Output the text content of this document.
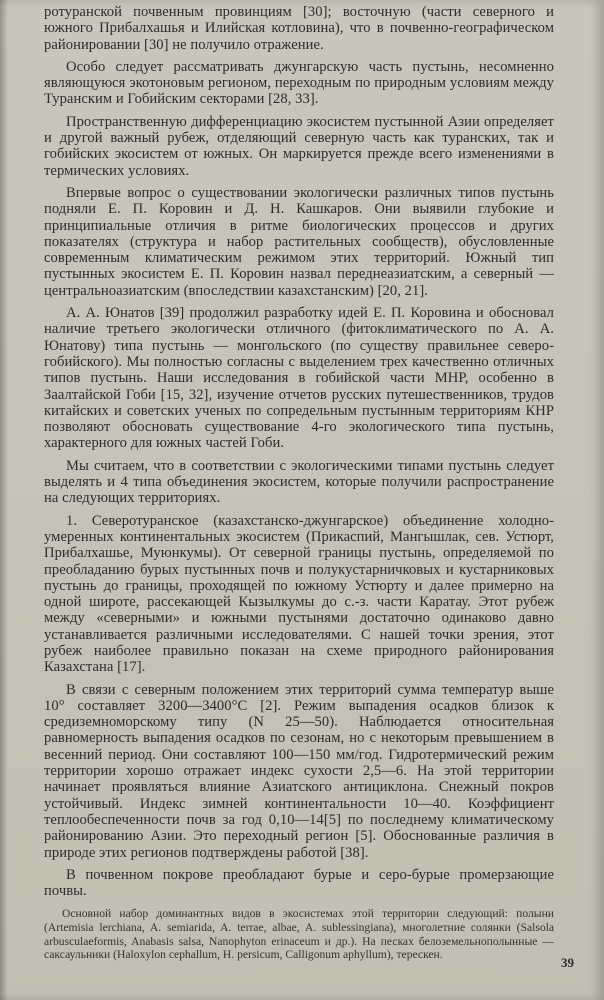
ротуранской почвенным провинциям [30]; восточную (части северного и южного Прибалхашья и Илийская котловина), что в почвенно-географическом районировании [30] не получило отражение.

Особо следует рассматривать джунгарскую часть пустынь, несомненно являющуюся экотоновым регионом, переходным по природным условиям между Туранским и Гобийским секторами [28, 33].

Пространственную дифференциацию экосистем пустынной Азии определяет и другой важный рубеж, отделяющий северную часть как туранских, так и гобийских экосистем от южных. Он маркируется прежде всего изменениями в термических условиях.

Впервые вопрос о существовании экологически различных типов пустынь подняли Е. П. Коровин и Д. Н. Кашкаров. Они выявили глубокие и принципиальные отличия в ритме биологических процессов и других показателях (структура и набор растительных сообществ), обусловленные современным климатическим режимом этих территорий. Южный тип пустынных экосистем Е. П. Коровин назвал переднеазиатским, а северный — центральноазиатским (впоследствии казахстанским) [20, 21].

А. А. Юнатов [39] продолжил разработку идей Е. П. Коровина и обосновал наличие третьего экологически отличного (фитоклиматического по А. А. Юнатову) типа пустынь — монгольского (по существу правильнее северо-гобийского). Мы полностью согласны с выделением трех качественно отличных типов пустынь. Наши исследования в гобийской части МНР, особенно в Заалтайской Гоби [15, 32], изучение отчетов русских путешественников, трудов китайских и советских ученых по сопредельным пустынным территориям КНР позволяют обосновать существование 4-го экологического типа пустынь, характерного для южных частей Гоби.

Мы считаем, что в соответствии с экологическими типами пустынь следует выделять и 4 типа объединения экосистем, которые получили распространение на следующих территориях.

1. Северотуранское (казахстанско-джунгарское) объединение холодно-умеренных континентальных экосистем (Прикаспий, Мангышлак, сев. Устюрт, Прибалхашье, Муюнкумы). От северной границы пустынь, определяемой по преобладанию бурых пустынных почв и полукустарничковых и кустарниковых пустынь до границы, проходящей по южному Устюрту и далее примерно на одной широте, рассекающей Кызылкумы до с.-з. части Каратау. Этот рубеж между «северными» и южными пустынями достаточно одинаково давно устанавливается различными исследователями. С нашей точки зрения, этот рубеж наиболее правильно показан на схеме природного районирования Казахстана [17].

В связи с северным положением этих территорий сумма температур выше 10° составляет 3200—3400°С [2]. Режим выпадения осадков близок к средиземноморскому типу (N 25—50). Наблюдается относительная равномерность выпадения осадков по сезонам, но с некоторым превышением в весенний период. Они составляют 100—150 мм/год. Гидротермический режим территории хорошо отражает индекс сухости 2,5—6. На этой территории начинает проявляться влияние Азиатского антициклона. Снежный покров устойчивый. Индекс зимней континентальности 10—40. Коэффициент теплообеспеченности почв за год 0,10—14[5] по последнему климатическому районированию Азии. Это переходный регион [5]. Обоснованные различия в природе этих регионов подтверждены работой [38].

В почвенном покрове преобладают бурые и серо-бурые промерзающие почвы.

Основной набор доминантных видов в экосистемах этой территории следующий: полыни (Artemisia lerchiana, A. semiarida, A. terrae, albae, A. sublessingiana), многолетние солянки (Salsola arbusculaeformis, Anabasis salsa, Nanophyton erinaceum и др.). На песках белоземельнополынные — саксаульники (Haloxylon cephallum, H. persicum, Calligonum aphyllum), терескен.

39
